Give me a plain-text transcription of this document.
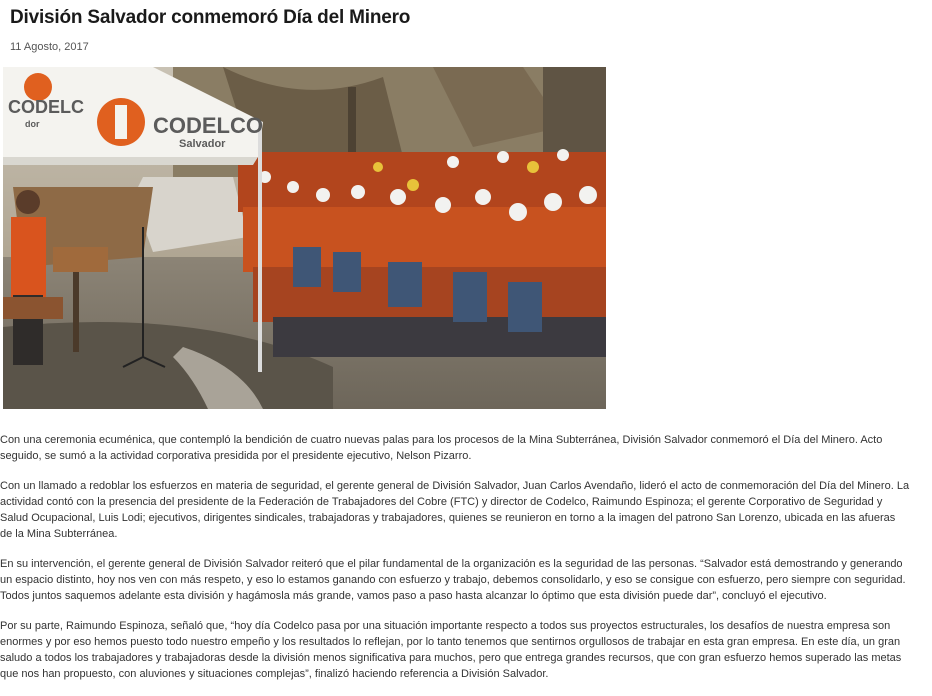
División Salvador conmemoró Día del Minero
11 Agosto, 2017
CODELCO
Salvador
CODELC
dor

Con una ceremonia ecuménica, que contempló la bendición de cuatro nuevas palas para los procesos de la Mina Subterránea, División Salvador conmemoró el Día del Minero. Acto seguido, se sumó a la actividad corporativa presidida por el presidente ejecutivo, Nelson Pizarro.

Con un llamado a redoblar los esfuerzos en materia de seguridad, el gerente general de División Salvador, Juan Carlos Avendaño, lideró el acto de conmemoración del Día del Minero. La actividad contó con la presencia del presidente de la Federación de Trabajadores del Cobre (FTC) y director de Codelco, Raimundo Espinoza; el gerente Corporativo de Seguridad y Salud Ocupacional, Luis Lodi; ejecutivos, dirigentes sindicales, trabajadoras y trabajadores, quienes se reunieron en torno a la imagen del patrono San Lorenzo, ubicada en las afueras de la Mina Subterránea.

En su intervención, el gerente general de División Salvador reiteró que el pilar fundamental de la organización es la seguridad de las personas. “Salvador está demostrando y generando un espacio distinto, hoy nos ven con más respeto, y eso lo estamos ganando con esfuerzo y trabajo, debemos consolidarlo, y eso se consigue con esfuerzo, pero siempre con seguridad. Todos juntos saquemos adelante esta división y hagámosla más grande, vamos paso a paso hasta alcanzar lo óptimo que esta división puede dar”, concluyó el ejecutivo.

Por su parte, Raimundo Espinoza, señaló que, “hoy día Codelco pasa por una situación importante respecto a todos sus proyectos estructurales, los desafíos de nuestra empresa son enormes y por eso hemos puesto todo nuestro empeño y los resultados lo reflejan, por lo tanto tenemos que sentirnos orgullosos de trabajar en esta gran empresa. En este día, un gran saludo a todos los trabajadores y trabajadoras desde la división menos significativa para muchos, pero que entrega grandes recursos, que con gran esfuerzo hemos superado las metas que nos han propuesto, con aluviones y situaciones complejas”, finalizó haciendo referencia a División Salvador.
